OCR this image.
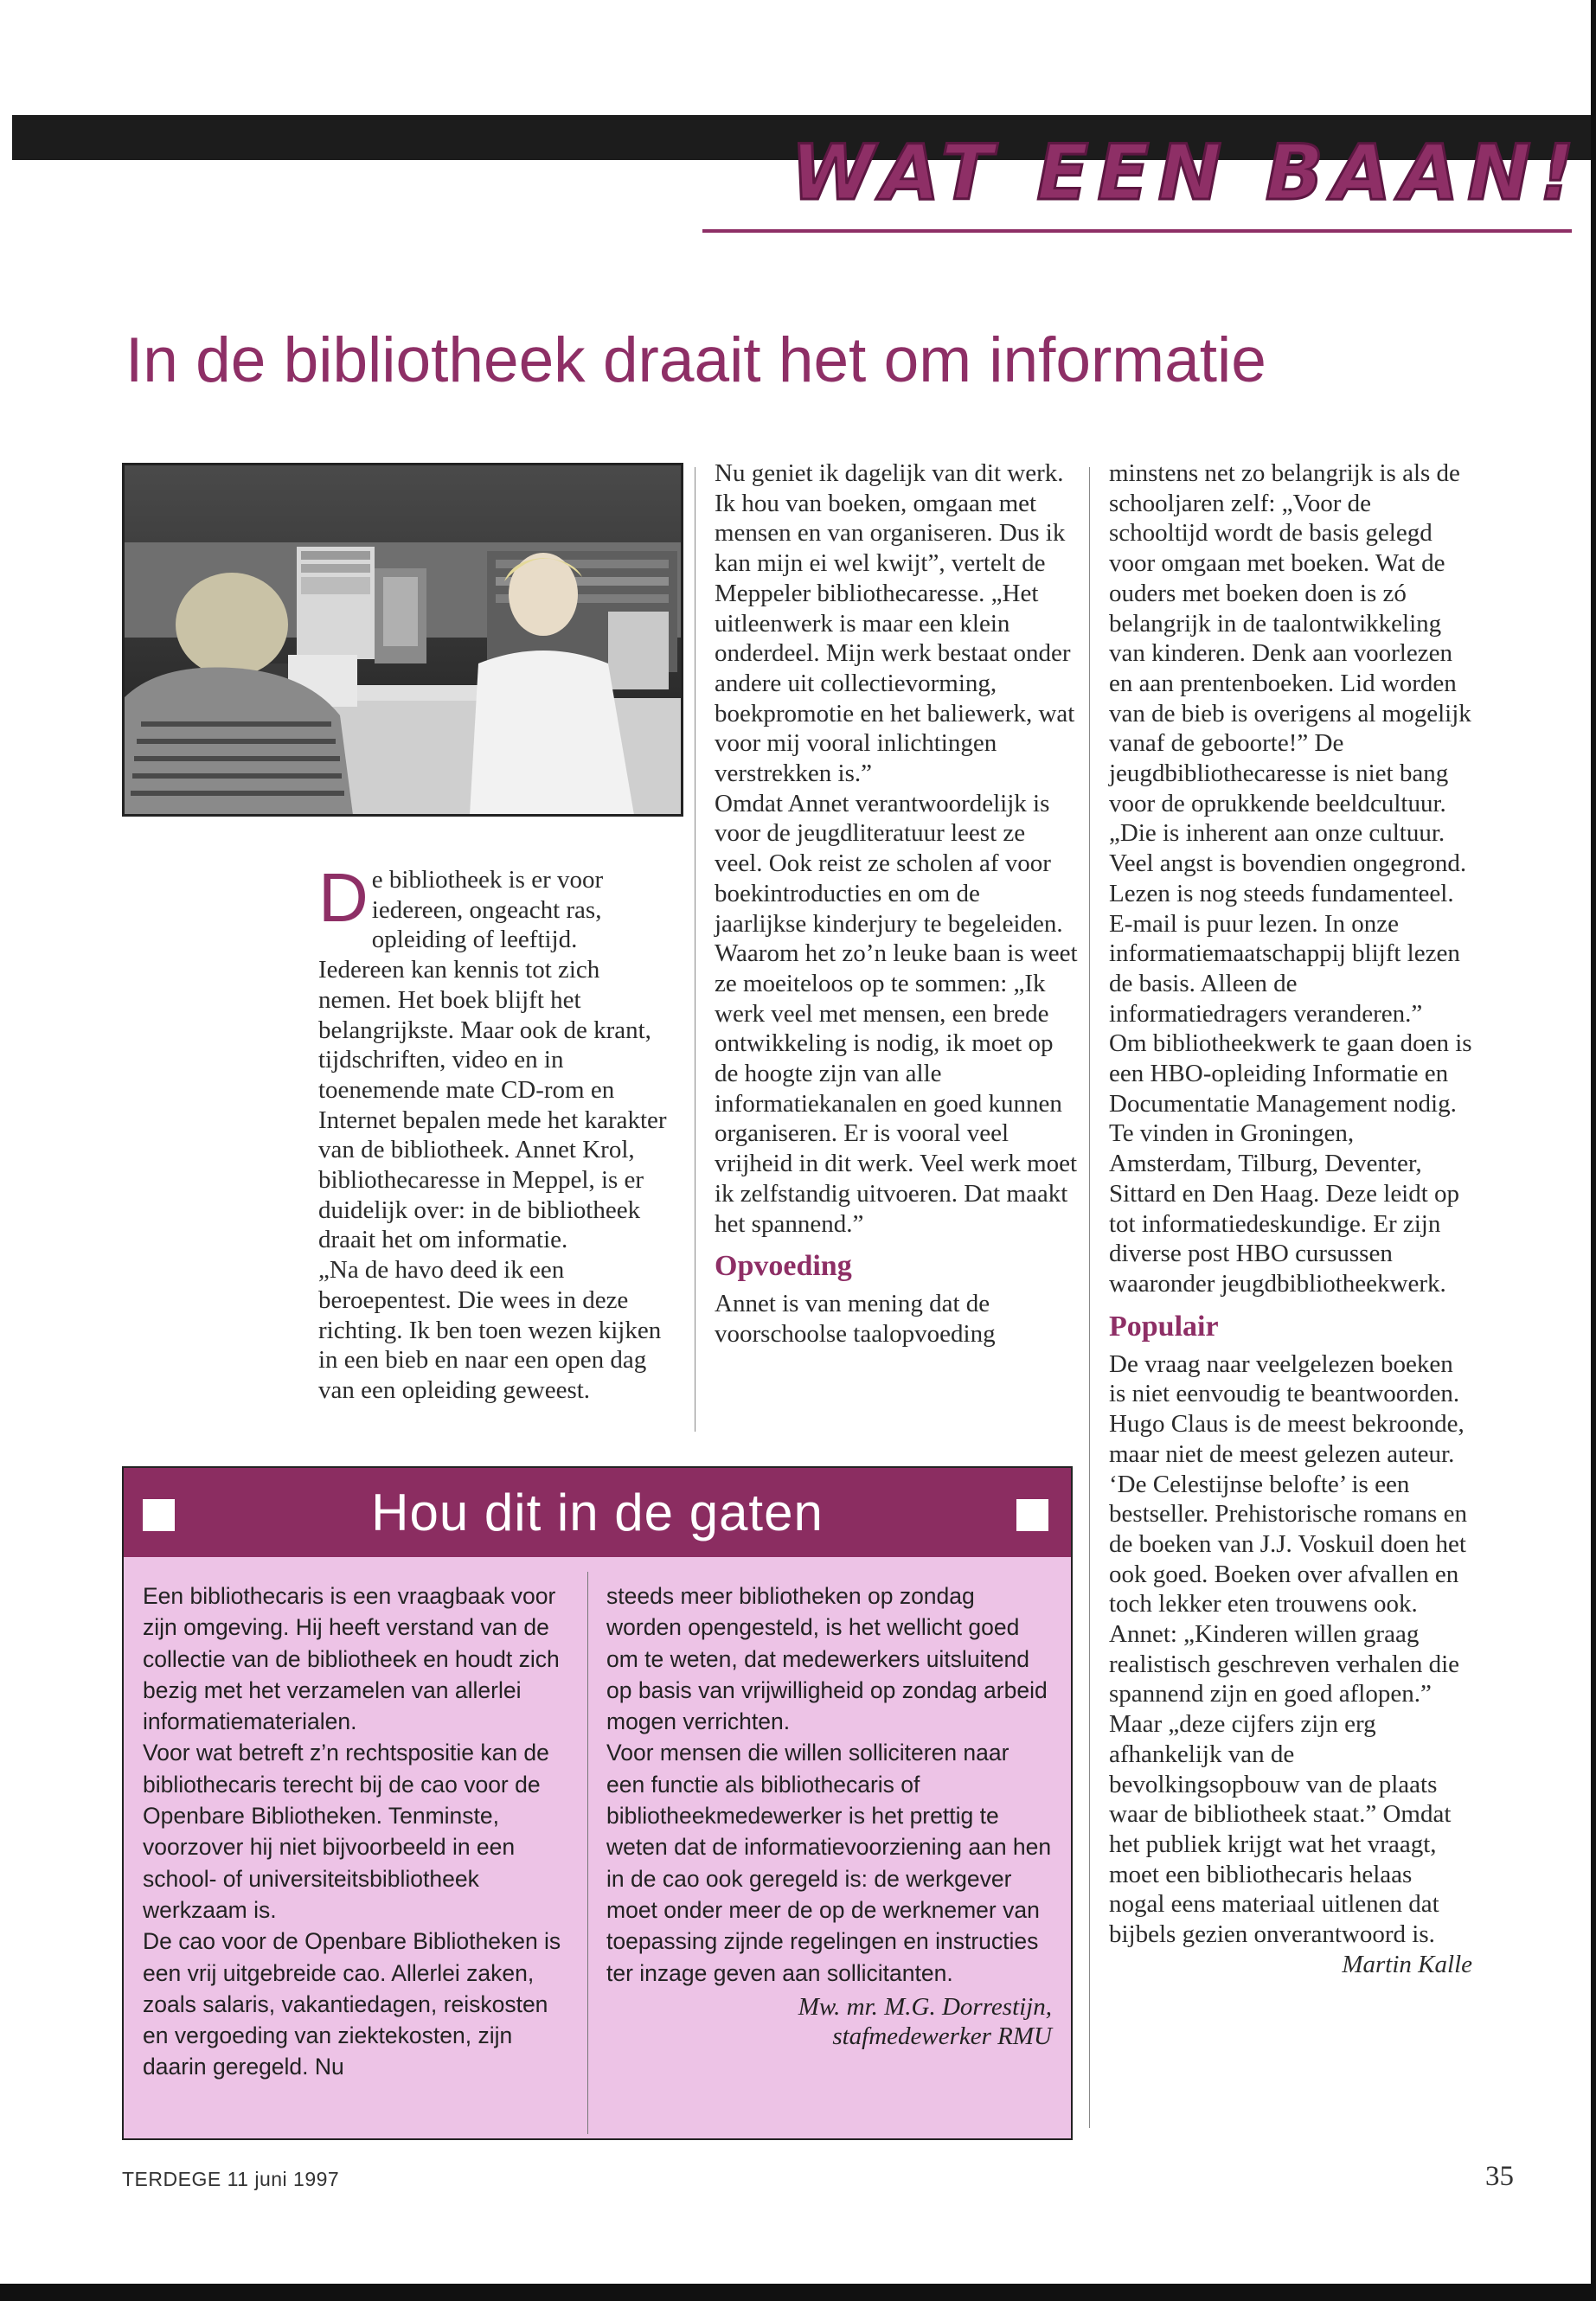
WAT EEN BAAN!
In de bibliotheek draait het om informatie

De bibliotheek is er voor iedereen, ongeacht ras, opleiding of leeftijd. Iedereen kan kennis tot zich nemen. Het boek blijft het belangrijkste. Maar ook de krant, tijdschriften, video en in toenemende mate CD-rom en Internet bepalen mede het karakter van de bibliotheek. Annet Krol, bibliothecaresse in Meppel, is er duidelijk over: in de bibliotheek draait het om informatie.

„Na de havo deed ik een beroepentest. Die wees in deze richting. Ik ben toen wezen kijken in een bieb en naar een open dag van een opleiding geweest.

Nu geniet ik dagelijk van dit werk. Ik hou van boeken, omgaan met mensen en van organiseren. Dus ik kan mijn ei wel kwijt”, vertelt de Meppeler bibliothecaresse. „Het uitleenwerk is maar een klein onderdeel. Mijn werk bestaat onder andere uit collectievorming, boekpromotie en het baliewerk, wat voor mij vooral inlichtingen verstrekken is.”

Omdat Annet verantwoordelijk is voor de jeugdliteratuur leest ze veel. Ook reist ze scholen af voor boekintroducties en om de jaarlijkse kinderjury te begeleiden. Waarom het zo’n leuke baan is weet ze moeiteloos op te sommen: „Ik werk veel met mensen, een brede ontwikkeling is nodig, ik moet op de hoogte zijn van alle informatiekanalen en goed kunnen organiseren. Er is vooral veel vrijheid in dit werk. Veel werk moet ik zelfstandig uitvoeren. Dat maakt het spannend.”

Opvoeding

Annet is van mening dat de voorschoolse taalopvoeding

minstens net zo belangrijk is als de schooljaren zelf: „Voor de schooltijd wordt de basis gelegd voor omgaan met boeken. Wat de ouders met boeken doen is zó belangrijk in de taalontwikkeling van kinderen. Denk aan voorlezen en aan prentenboeken. Lid worden van de bieb is overigens al mogelijk vanaf de geboorte!” De jeugdbibliothecaresse is niet bang voor de oprukkende beeldcultuur. „Die is inherent aan onze cultuur. Veel angst is bovendien ongegrond. Lezen is nog steeds fundamenteel. E-mail is puur lezen. In onze informatiemaatschappij blijft lezen de basis. Alleen de informatiedragers veranderen.”

Om bibliotheekwerk te gaan doen is een HBO-opleiding Informatie en Documentatie Management nodig. Te vinden in Groningen, Amsterdam, Tilburg, Deventer, Sittard en Den Haag. Deze leidt op tot informatiedeskundige. Er zijn diverse post HBO cursussen waaronder jeugdbibliotheekwerk.

Populair

De vraag naar veelgelezen boeken is niet eenvoudig te beantwoorden. Hugo Claus is de meest bekroonde, maar niet de meest gelezen auteur. ‘De Celestijnse belofte’ is een bestseller. Prehistorische romans en de boeken van J.J. Voskuil doen het ook goed. Boeken over afvallen en toch lekker eten trouwens ook. Annet: „Kinderen willen graag realistisch geschreven verhalen die spannend zijn en goed aflopen.” Maar „deze cijfers zijn erg afhankelijk van de bevolkingsopbouw van de plaats waar de bibliotheek staat.” Omdat het publiek krijgt wat het vraagt, moet een bibliothecaris helaas nogal eens materiaal uitlenen dat bijbels gezien onverantwoord is.

Martin Kalle

Hou dit in de gaten

Een bibliothecaris is een vraagbaak voor zijn omgeving. Hij heeft verstand van de collectie van de bibliotheek en houdt zich bezig met het verzamelen van allerlei informatiematerialen.

Voor wat betreft z’n rechtspositie kan de bibliothecaris terecht bij de cao voor de Openbare Bibliotheken. Tenminste, voorzover hij niet bijvoorbeeld in een school- of universiteitsbibliotheek werkzaam is.

De cao voor de Openbare Bibliotheken is een vrij uitgebreide cao. Allerlei zaken, zoals salaris, vakantiedagen, reiskosten en vergoeding van ziektekosten, zijn daarin geregeld. Nu

steeds meer bibliotheken op zondag worden opengesteld, is het wellicht goed om te weten, dat medewerkers uitsluitend op basis van vrijwilligheid op zondag arbeid mogen verrichten.

Voor mensen die willen solliciteren naar een functie als bibliothecaris of bibliotheekmedewerker is het prettig te weten dat de informatievoorziening aan hen in de cao ook geregeld is: de werkgever moet onder meer de op de werknemer van toepassing zijnde regelingen en instructies ter inzage geven aan sollicitanten.

Mw. mr. M.G. Dorrestijn,
stafmedewerker RMU
TERDEGE 11 juni 1997	35
